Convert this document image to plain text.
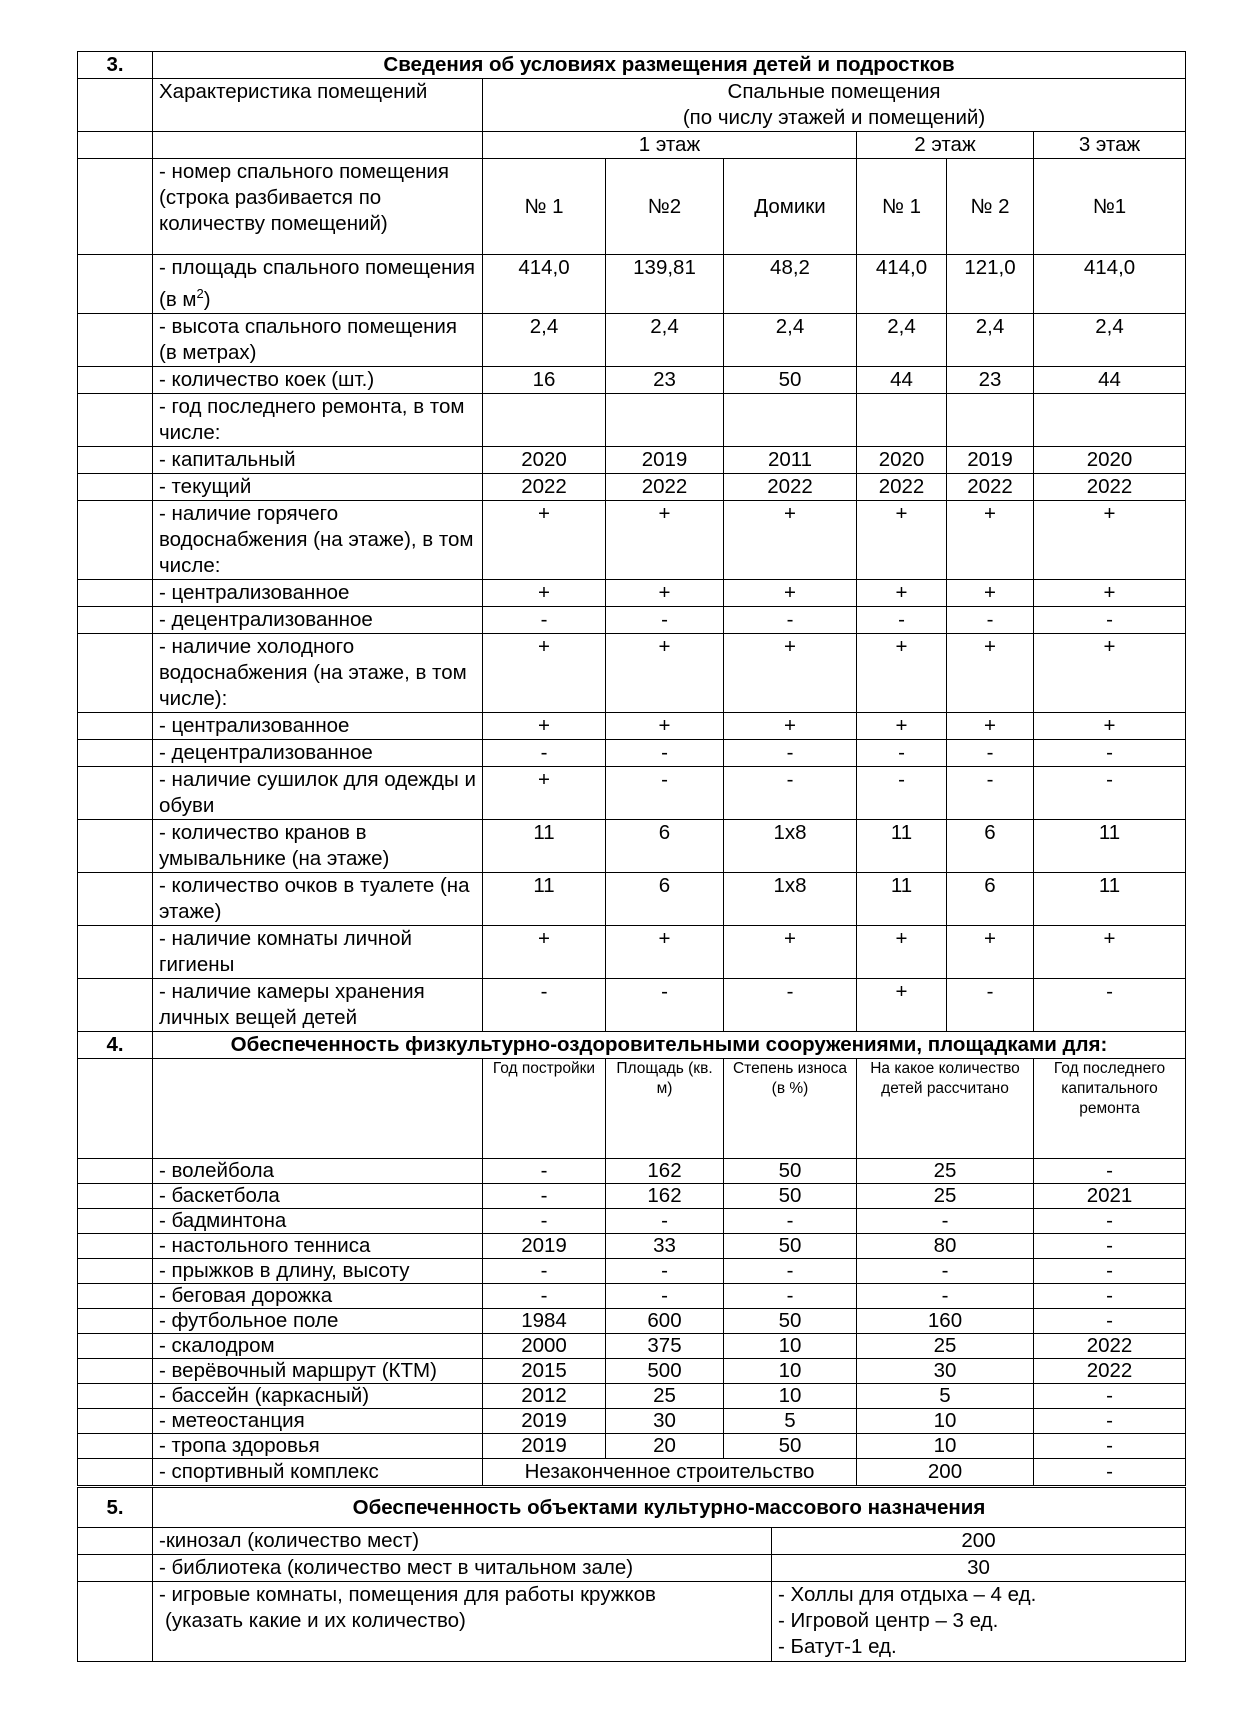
3.	Сведения об условиях размещения детей и подростков						
	Характеристика помещений	Спальные помещения
(по числу этажей и помещений)					

		1 этаж			2 этаж		3 этаж
	- номер спального помещения (строка разбивается по количеству помещений)	№ 1	№2	Домики	№ 1	№ 2	№1
	- площадь спального помещения (в $м^2$)	414,0	139,81	48,2	414,0	121,0	414,0
	- высота спального помещения (в метрах)	2,4	2,4	2,4	2,4	2,4	2,4
	- количество коек (шт.)	16	23	50	44	23	44
	- год последнего ремонта, в том числе:						
	- капитальный	2020	2019	2011	2020	2019	2020
	- текущий	2022	2022	2022	2022	2022	2022
	- наличие горячего водоснабжения (на этаже), в том числе:	+	+	+	+	+	+
	- централизованное	+	+	+	+	+	+
	- децентрализованное	-	-	-	-	-	-
	- наличие холодного водоснабжения (на этаже, в том числе):	+	+	+	+	+	+
	- централизованное	+	+	+	+	+	+
	- децентрализованное	-	-	-	-	-	-
	- наличие сушилок для одежды и обуви	+	-	-	-	-	-
	- количество кранов в умывальнике (на этаже)	11	6	1х8	11	6	11
	- количество очков в туалете (на этаже)	11	6	1х8	11	6	11
	- наличие комнаты личной гигиены	+	+	+	+	+	+
	- наличие камеры хранения личных вещей детей	-	-	-	+	-	-
4.	Обеспеченность физкультурно-оздоровительными сооружениями, площадками для:						
		Год постройки	Площадь (кв. м)	Степень износа (в %)	На какое количество детей рассчитано		Год последнего капитального ремонта
	- волейбола	-	162	50	25		-
	- баскетбола	-	162	50	25		2021
	- бадминтона	-	-	-	-		-
	- настольного тенниса	2019	33	50	80		-
	- прыжков в длину, высоту	-	-	-	-		-
	- беговая дорожка	-	-	-	-		-
	- футбольное поле	1984	600	50	160		-
	- скалодром	2000	375	10	25		2022
	- верёвочный маршрут (КТМ)	2015	500	10	30		2022
	- бассейн (каркасный)	2012	25	10	5		-
	- метеостанция	2019	30	5	10		-
	- тропа здоровья	2019	20	50	10		-
	- спортивный комплекс	Незаконченное строительство			200		-
5.	Обеспеченность объектами культурно-массового назначения	
	-кинозал (количество мест)	200
	- библиотека (количество мест в читальном зале)	30

	- игровые комнаты, помещения для работы кружков
(указать какие и их количество)	- Холлы для отдыха – 4 ед.
- Игровой центр – 3 ед.
- Батут-1 ед.
